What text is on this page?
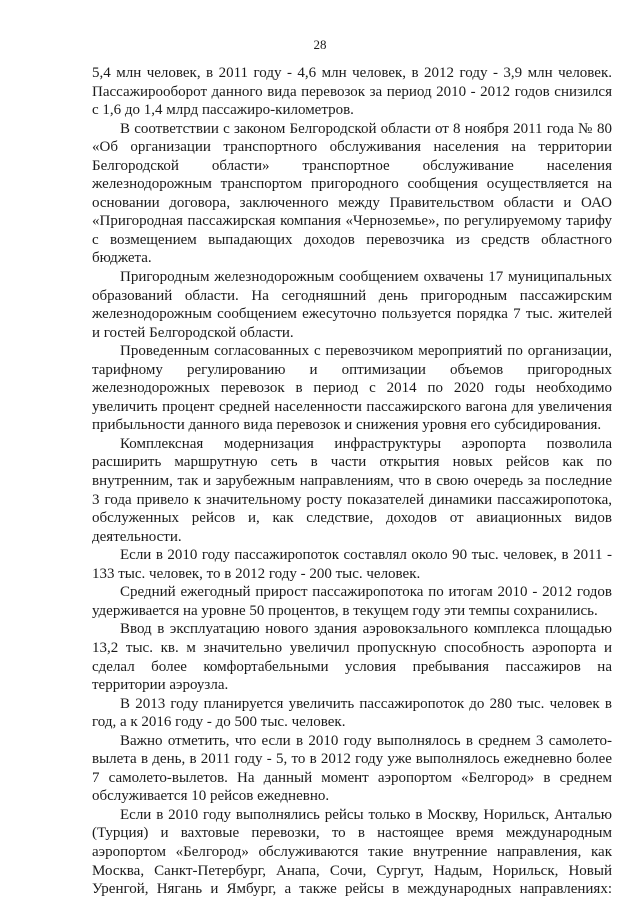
28

5,4 млн человек, в 2011 году - 4,6 млн человек, в 2012 году - 3,9 млн человек. Пассажирооборот данного вида перевозок за период 2010 - 2012 годов снизился с 1,6 до 1,4 млрд пассажиро-километров.

В соответствии с законом Белгородской области от 8 ноября 2011 года № 80 «Об организации транспортного обслуживания населения на территории Белгородской области» транспортное обслуживание населения железнодорожным транспортом пригородного сообщения осуществляется на основании договора, заключенного между Правительством области и ОАО «Пригородная пассажирская компания «Черноземье», по регулируемому тарифу с возмещением выпадающих доходов перевозчика из средств областного бюджета.

Пригородным железнодорожным сообщением охвачены 17 муниципальных образований области. На сегодняшний день пригородным пассажирским железнодорожным сообщением ежесуточно пользуется порядка 7 тыс. жителей и гостей Белгородской области.

Проведенным согласованных с перевозчиком мероприятий по организации, тарифному регулированию и оптимизации объемов пригородных железнодорожных перевозок в период с 2014 по 2020 годы необходимо увеличить процент средней населенности пассажирского вагона для увеличения прибыльности данного вида перевозок и снижения уровня его субсидирования.

Комплексная модернизация инфраструктуры аэропорта позволила расширить маршрутную сеть в части открытия новых рейсов как по внутренним, так и зарубежным направлениям, что в свою очередь за последние 3 года привело к значительному росту показателей динамики пассажиропотока, обслуженных рейсов и, как следствие, доходов от авиационных видов деятельности.

Если в 2010 году пассажиропоток составлял около 90 тыс. человек, в 2011 - 133 тыс. человек, то в 2012 году - 200 тыс. человек.

Средний ежегодный прирост пассажиропотока по итогам 2010 - 2012 годов удерживается на уровне 50 процентов, в текущем году эти темпы сохранились.

Ввод в эксплуатацию нового здания аэровокзального комплекса площадью 13,2 тыс. кв. м значительно увеличил пропускную способность аэропорта и сделал более комфортабельными условия пребывания пассажиров на территории аэроузла.

В 2013 году планируется увеличить пассажиропоток до 280 тыс. человек в год, а к 2016 году - до 500 тыс. человек.

Важно отметить, что если в 2010 году выполнялось в среднем 3 самолето-вылета в день, в 2011 году - 5, то в 2012 году уже выполнялось ежедневно более 7 самолето-вылетов. На данный момент аэропортом «Белгород» в среднем обслуживается 10 рейсов ежедневно.

Если в 2010 году выполнялись рейсы только в Москву, Норильск, Анталью (Турция) и вахтовые перевозки, то в настоящее время международным аэропортом «Белгород» обслуживаются такие внутренние направления, как Москва, Санкт-Петербург, Анапа, Сочи, Сургут, Надым, Норильск, Новый Уренгой, Нягань и Ямбург, а также рейсы в международных направлениях:
